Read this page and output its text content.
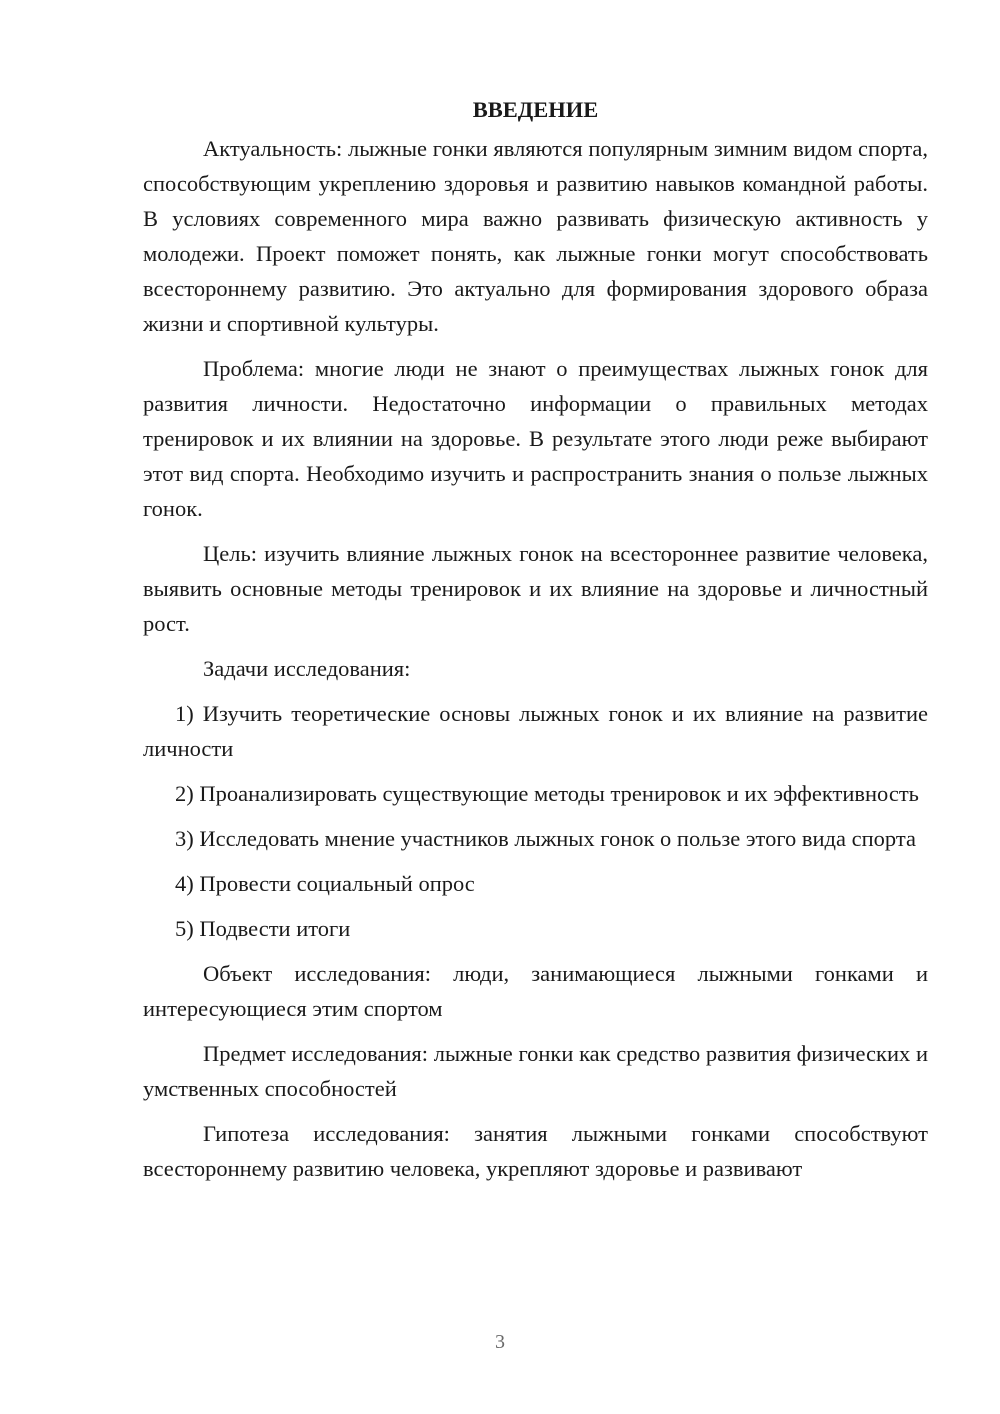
ВВЕДЕНИЕ

Актуальность: лыжные гонки являются популярным зимним видом спорта, способствующим укреплению здоровья и развитию навыков командной работы. В условиях современного мира важно развивать физическую активность у молодежи. Проект поможет понять, как лыжные гонки могут способствовать всестороннему развитию. Это актуально для формирования здорового образа жизни и спортивной культуры.

Проблема: многие люди не знают о преимуществах лыжных гонок для развития личности. Недостаточно информации о правильных методах тренировок и их влиянии на здоровье. В результате этого люди реже выбирают этот вид спорта. Необходимо изучить и распространить знания о пользе лыжных гонок.

Цель: изучить влияние лыжных гонок на всестороннее развитие человека, выявить основные методы тренировок и их влияние на здоровье и личностный рост.

Задачи исследования:

1) Изучить теоретические основы лыжных гонок и их влияние на развитие личности

2) Проанализировать существующие методы тренировок и их эффективность

3) Исследовать мнение участников лыжных гонок о пользе этого вида спорта

4) Провести социальный опрос

5) Подвести итоги

Объект исследования: люди, занимающиеся лыжными гонками и интересующиеся этим спортом

Предмет исследования: лыжные гонки как средство развития физических и умственных способностей

Гипотеза исследования: занятия лыжными гонками способствуют всестороннему развитию человека, укрепляют здоровье и развивают

3
